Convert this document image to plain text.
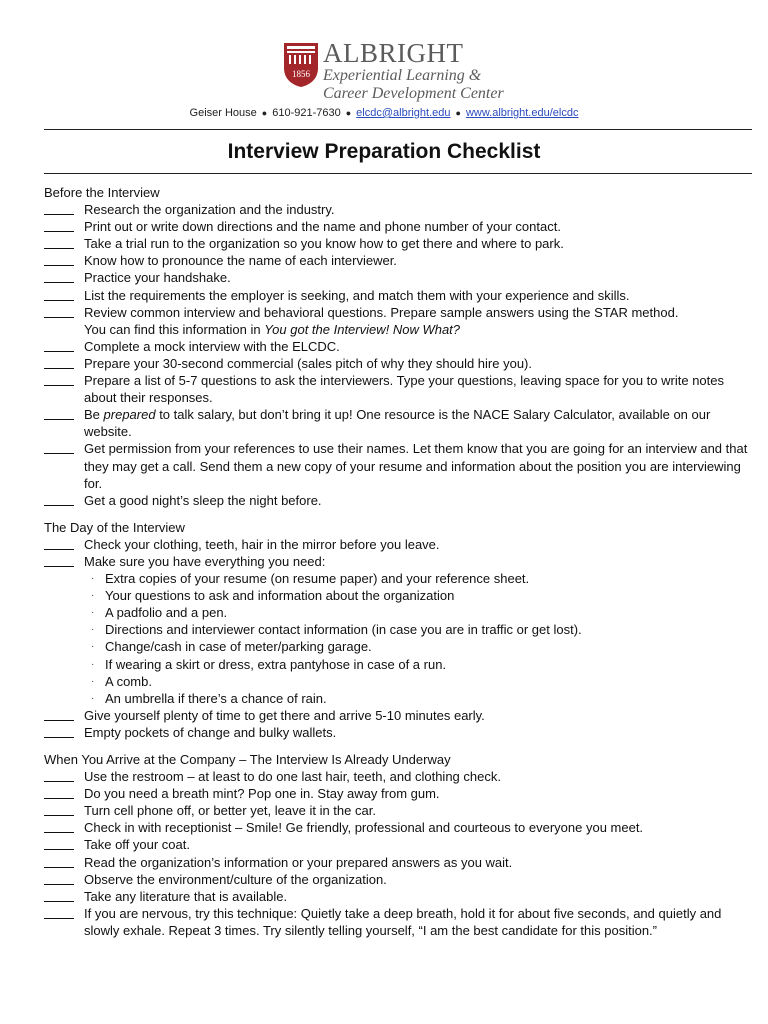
1856
ALBRIGHT
Experiential Learning &
Career Development Center
Geiser House ● 610-921-7630 ● elcdc@albright.edu ● www.albright.edu/elcdc
Interview Preparation Checklist
Before the Interview
Research the organization and the industry.
Print out or write down directions and the name and phone number of your contact.
Take a trial run to the organization so you know how to get there and where to park.
Know how to pronounce the name of each interviewer.
Practice your handshake.
List the requirements the employer is seeking, and match them with your experience and skills.
Review common interview and behavioral questions. Prepare sample answers using the STAR method.
You can find this information in You got the Interview! Now What?
Complete a mock interview with the ELCDC.
Prepare your 30-second commercial (sales pitch of why they should hire you).
Prepare a list of 5-7 questions to ask the interviewers. Type your questions, leaving space for you to write notes about their responses.
Be prepared to talk salary, but don’t bring it up! One resource is the NACE Salary Calculator, available on our website.
Get permission from your references to use their names. Let them know that you are going for an interview and that they may get a call. Send them a new copy of your resume and information about the position you are interviewing for.
Get a good night’s sleep the night before.
The Day of the Interview
Check your clothing, teeth, hair in the mirror before you leave.
Make sure you have everything you need:
· Extra copies of your resume (on resume paper) and your reference sheet.
· Your questions to ask and information about the organization
· A padfolio and a pen.
· Directions and interviewer contact information (in case you are in traffic or get lost).
· Change/cash in case of meter/parking garage.
· If wearing a skirt or dress, extra pantyhose in case of a run.
· A comb.
· An umbrella if there’s a chance of rain.
Give yourself plenty of time to get there and arrive 5-10 minutes early.
Empty pockets of change and bulky wallets.
When You Arrive at the Company – The Interview Is Already Underway
Use the restroom – at least to do one last hair, teeth, and clothing check.
Do you need a breath mint? Pop one in. Stay away from gum.
Turn cell phone off, or better yet, leave it in the car.
Check in with receptionist – Smile! Ge friendly, professional and courteous to everyone you meet.
Take off your coat.
Read the organization’s information or your prepared answers as you wait.
Observe the environment/culture of the organization.
Take any literature that is available.
If you are nervous, try this technique: Quietly take a deep breath, hold it for about five seconds, and quietly and slowly exhale. Repeat 3 times. Try silently telling yourself, “I am the best candidate for this position.”
